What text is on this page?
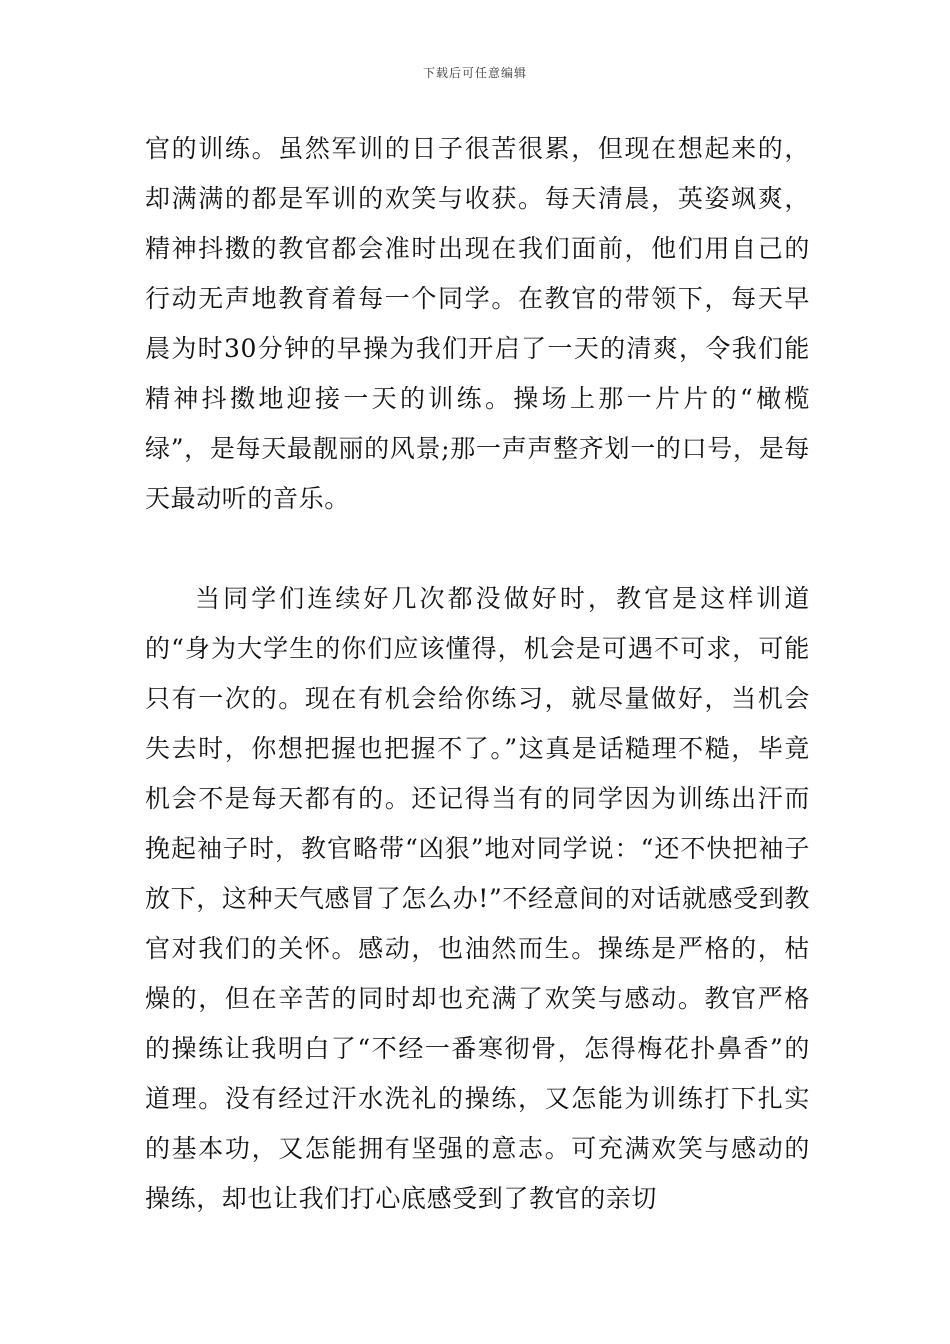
下载后可任意编辑

官的训练。虽然军训的日子很苦很累，但现在想起来的，却满满的都是军训的欢笑与收获。每天清晨，英姿飒爽，精神抖擞的教官都会准时出现在我们面前，他们用自己的行动无声地教育着每一个同学。在教官的带领下，每天早晨为时30分钟的早操为我们开启了一天的清爽，令我们能精神抖擞地迎接一天的训练。操场上那一片片的“橄榄绿”，是每天最靓丽的风景;那一声声整齐划一的口号，是每天最动听的音乐。

当同学们连续好几次都没做好时，教官是这样训道的“身为大学生的你们应该懂得，机会是可遇不可求，可能只有一次的。现在有机会给你练习，就尽量做好，当机会失去时，你想把握也把握不了。”这真是话糙理不糙，毕竟机会不是每天都有的。还记得当有的同学因为训练出汗而挽起袖子时，教官略带“凶狠”地对同学说：“还不快把袖子放下，这种天气感冒了怎么办!”不经意间的对话就感受到教官对我们的关怀。感动，也油然而生。操练是严格的，枯燥的，但在辛苦的同时却也充满了欢笑与感动。教官严格的操练让我明白了“不经一番寒彻骨，怎得梅花扑鼻香”的道理。没有经过汗水洗礼的操练，又怎能为训练打下扎实的基本功，又怎能拥有坚强的意志。可充满欢笑与感动的操练，却也让我们打心底感受到了教官的亲切
